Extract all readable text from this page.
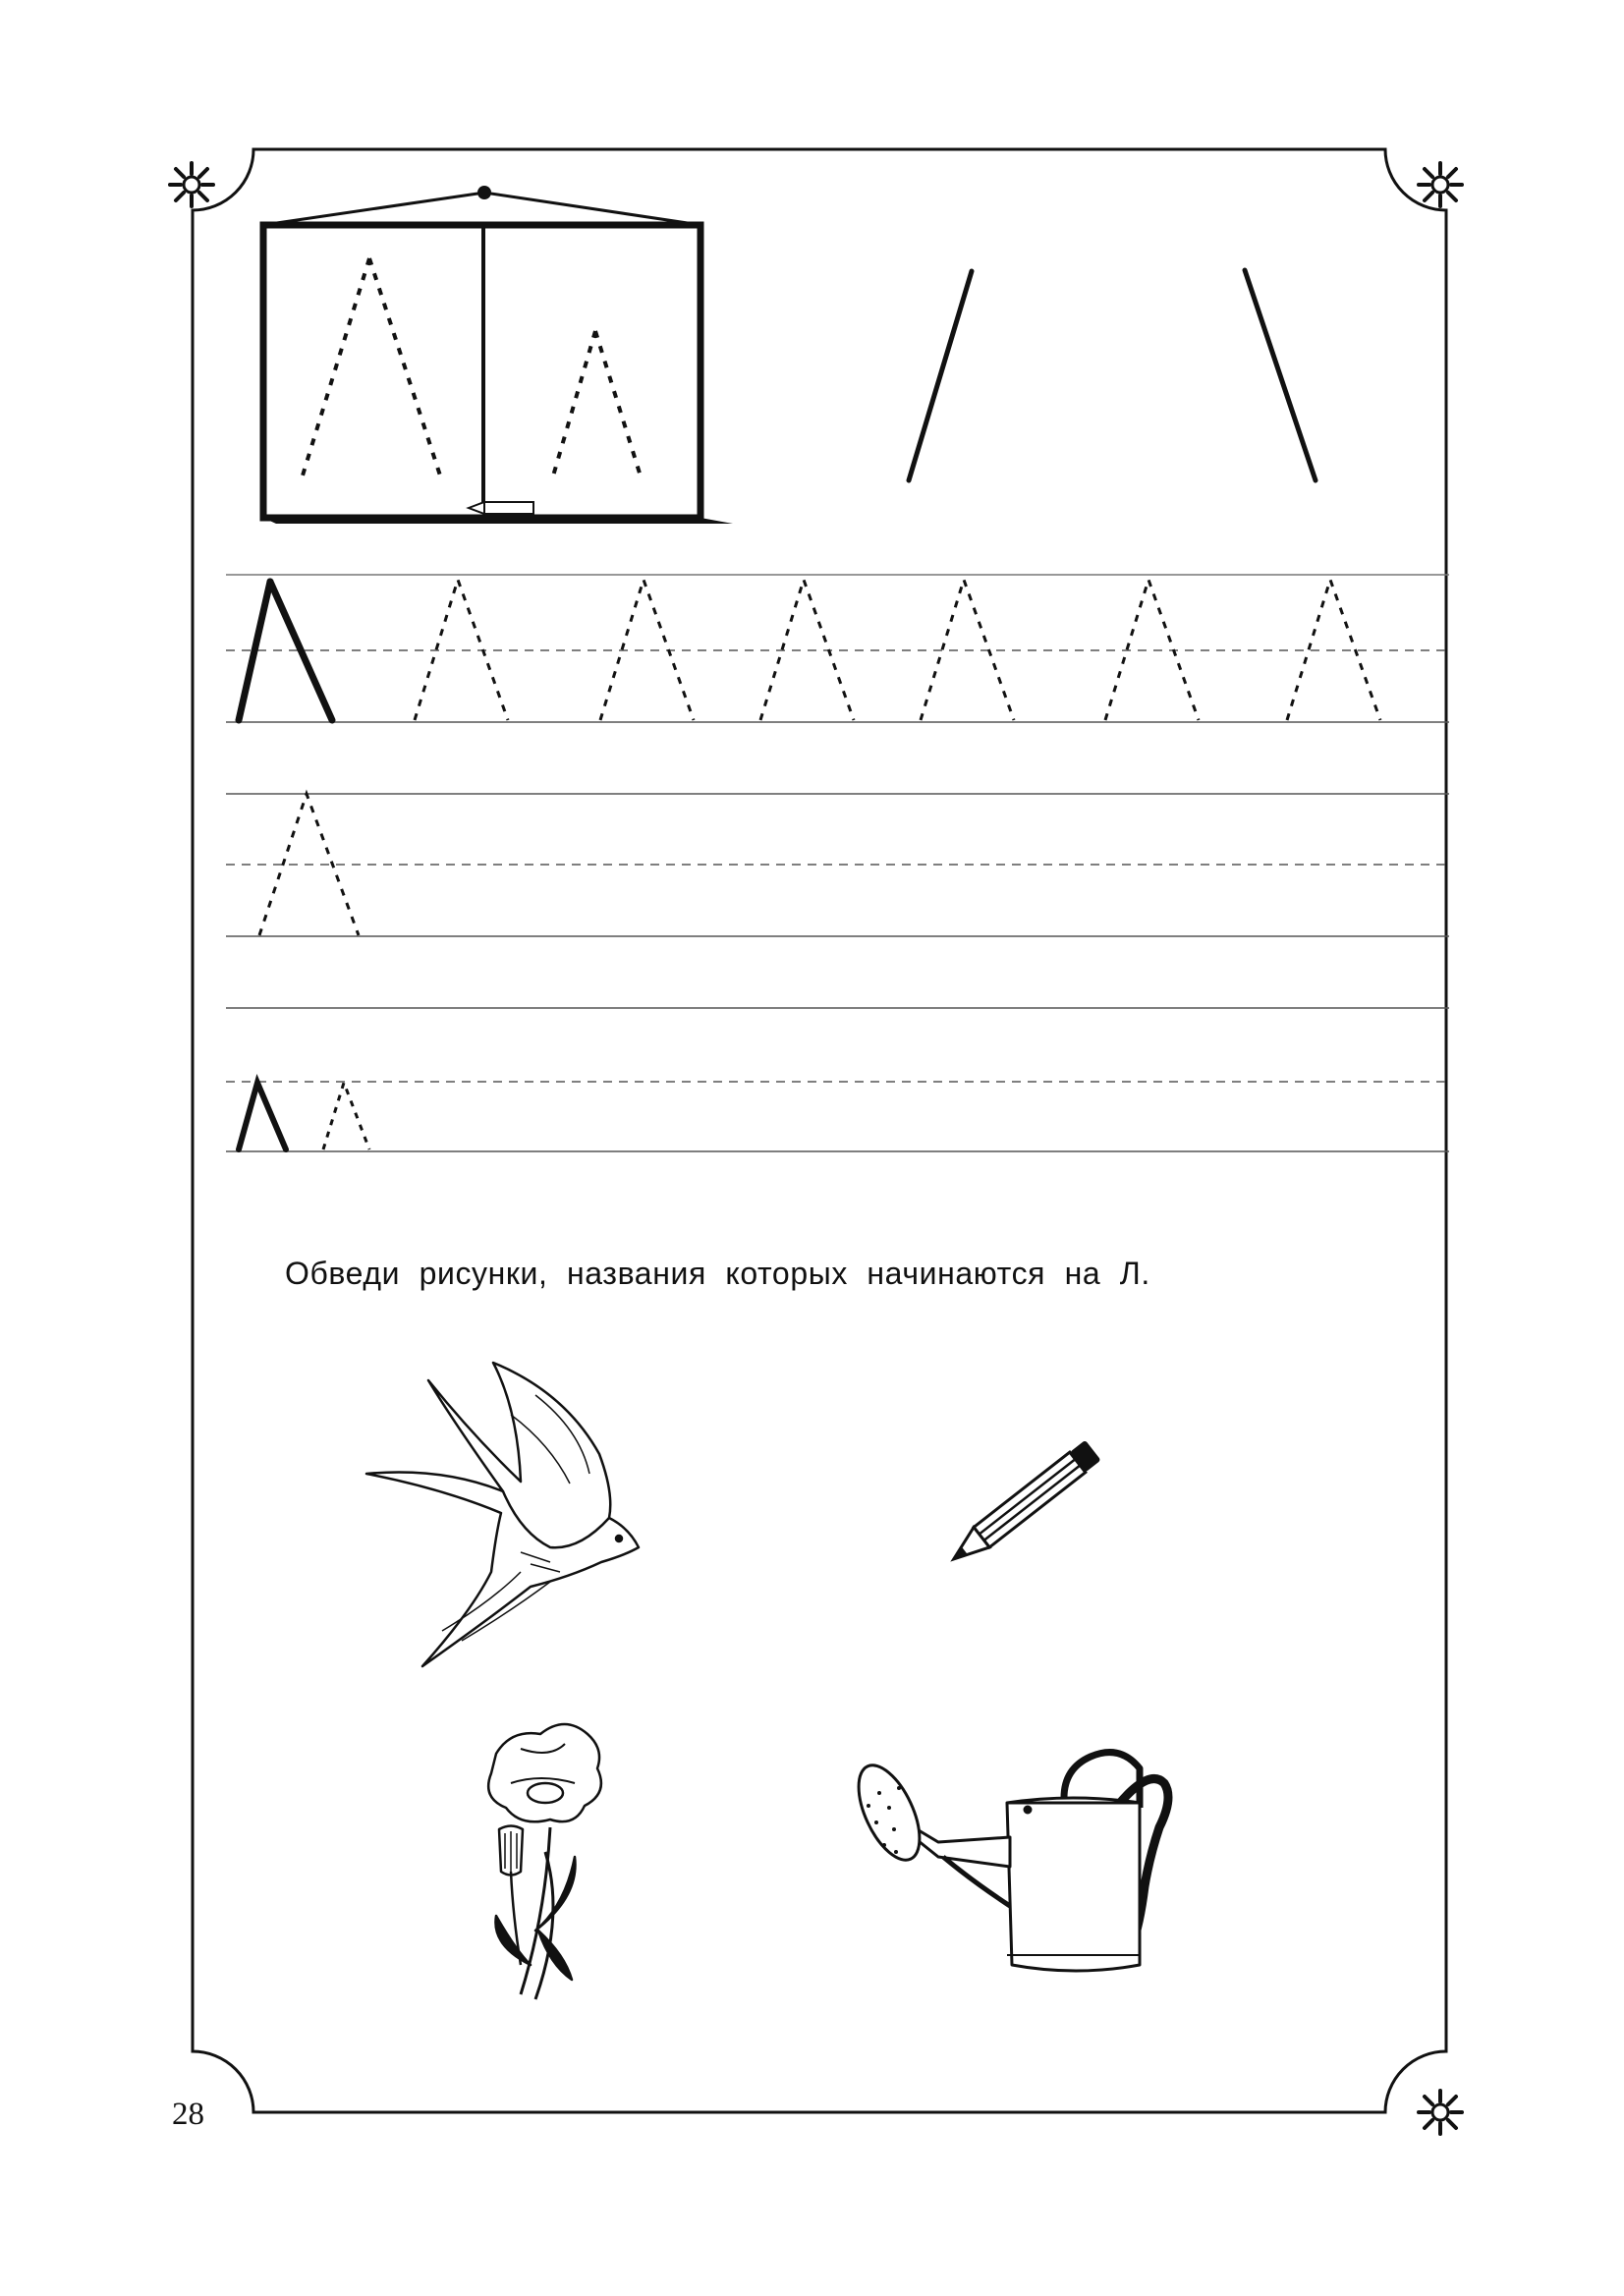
Обведи рисунки, названия которых начинаются на Л.

28
